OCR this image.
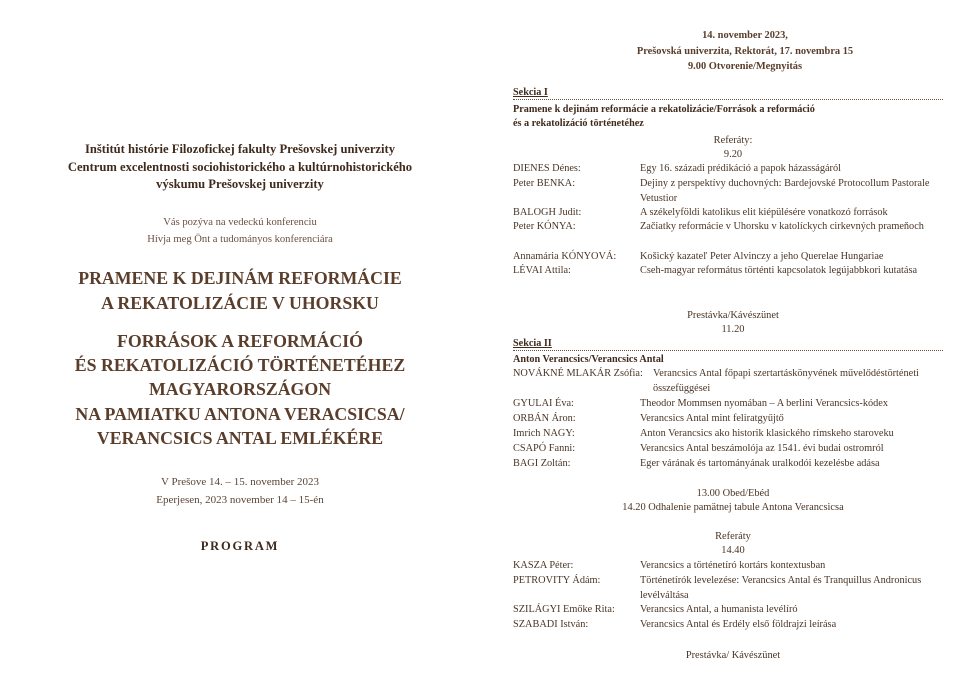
Inštitút histórie Filozofickej fakulty Prešovskej univerzity
Centrum excelentnosti sociohistorického a kultúrnohistorického
výskumu Prešovskej univerzity
Vás pozýva na vedeckú konferenciu
Hívja meg Önt a tudományos konferenciára
PRAMENE K DEJINÁM REFORMÁCIE
A REKATOLIZÁCIE V UHORSKU
FORRÁSOK A REFORMÁCIÓ
ÉS REKATOLIZÁCIÓ TÖRTÉNETÉHEZ
MAGYARORSZÁGON
NA PAMIATKU ANTONA VERACSICSA/
VERANCSICS ANTAL EMLÉKÉRE
V Prešove 14. – 15. november 2023
Eperjesen, 2023 november 14 – 15-én
PROGRAM
14. november 2023,
Prešovská univerzita, Rektorát, 17. novembra 15
9.00 Otvorenie/Megnyitás
Sekcia I
Pramene k dejinám reformácie a rekatolizácie/Források a reformáció
és a rekatolizáció történetéhez
Referáty:
9.20
DIENES Dénes:	Egy 16. századi prédikáció a papok házasságáról
Peter BENKA:	Dejiny z perspektívy duchovných: Bardejovské Protocollum Pastorale Vetustior
BALOGH Judit:	A székelyföldi katolikus elit kiépülésére vonatkozó források
Peter KÓNYA:	Začiatky reformácie v Uhorsku v katolíckych cirkevných prameňoch
Annamária KÓNYOVÁ:	Košický kazateľ Peter Alvinczy a jeho Querelae Hungariae
LÉVAI Attila:	Cseh-magyar református történti kapcsolatok legújabbkori kutatása
Prestávka/Kávészünet
11.20
Sekcia II
Anton Verancsics/Verancsics Antal
NOVÁKNÉ MLAKÁR Zsófia: Verancsics Antal főpapi szertartáskönyvének művelődéstörténeti összefüggései
GYULAI Éva:	Theodor Mommsen nyomában – A berlini Verancsics-kódex
ORBÁN Áron:	Verancsics Antal mint feliratgyűjtő
Imrich NAGY:	Anton Verancsics ako historik klasického rímskeho staroveku
CSAPÓ Fanni:	Verancsics Antal beszámolója az 1541. évi budai ostromról
BAGI Zoltán:	Eger várának és tartományának uralkodói kezelésbe adása
13.00 Obed/Ebéd
14.20 Odhalenie pamätnej tabule Antona Verancsicsa
Referáty
14.40
KASZA Péter:	Verancsics a történetíró kortárs kontextusban
PETROVITY Ádám:	Történetírók levelezése: Verancsics Antal és Tranquillus Andronicus levélváltása
SZILÁGYI Emőke Rita:	Verancsics Antal, a humanista levélíró
SZABADI István:	Verancsics Antal és Erdély első földrajzi leírása
Prestávka/ Kávészünet
